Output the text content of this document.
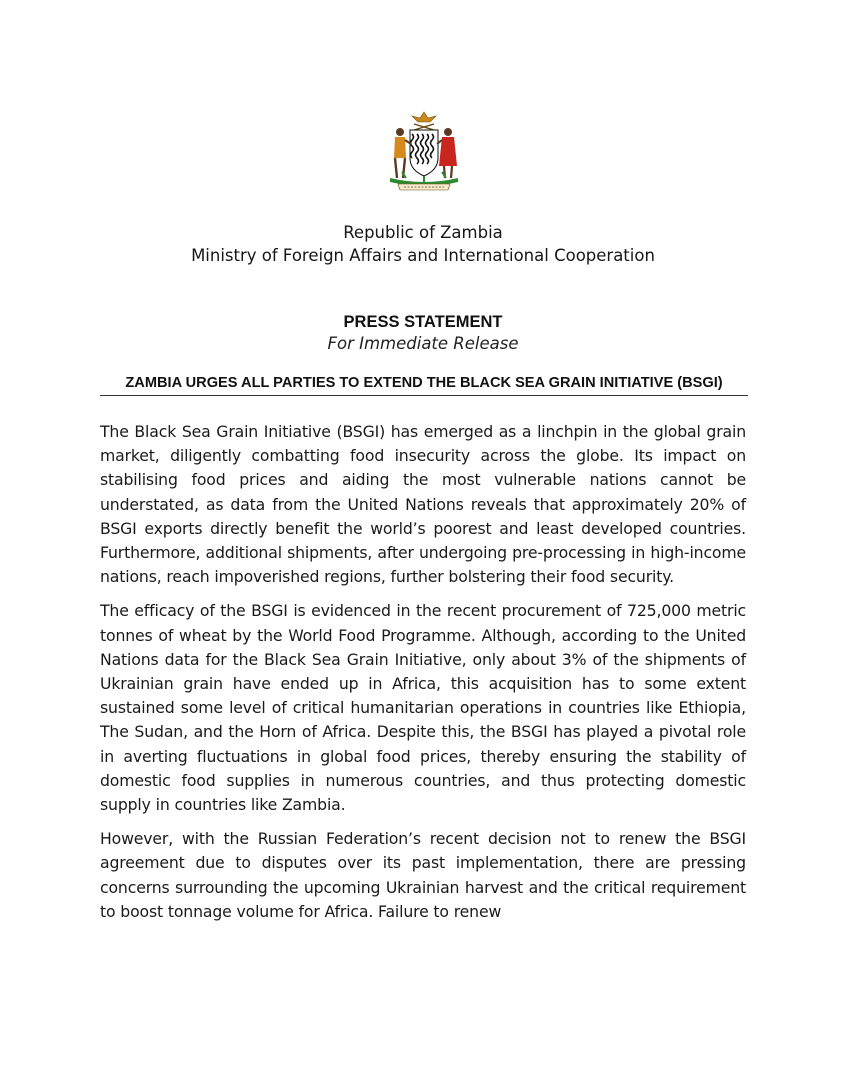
Republic of Zambia
Ministry of Foreign Affairs and International Cooperation
PRESS STATEMENT
For Immediate Release
ZAMBIA URGES ALL PARTIES TO EXTEND THE BLACK SEA GRAIN INITIATIVE (BSGI)

The Black Sea Grain Initiative (BSGI) has emerged as a linchpin in the global grain market, diligently combatting food insecurity across the globe. Its impact on stabilising food prices and aiding the most vulnerable nations cannot be understated, as data from the United Nations reveals that approximately 20% of BSGI exports directly benefit the world’s poorest and least developed countries. Furthermore, additional shipments, after undergoing pre-processing in high-income nations, reach impoverished regions, further bolstering their food security.

The efficacy of the BSGI is evidenced in the recent procurement of 725,000 metric tonnes of wheat by the World Food Programme. Although, according to the United Nations data for the Black Sea Grain Initiative, only about 3% of the shipments of Ukrainian grain have ended up in Africa, this acquisition has to some extent sustained some level of critical humanitarian operations in countries like Ethiopia, The Sudan, and the Horn of Africa. Despite this, the BSGI has played a pivotal role in averting fluctuations in global food prices, thereby ensuring the stability of domestic food supplies in numerous countries, and thus protecting domestic supply in countries like Zambia.

However, with the Russian Federation’s recent decision not to renew the BSGI agreement due to disputes over its past implementation, there are pressing concerns surrounding the upcoming Ukrainian harvest and the critical requirement to boost tonnage volume for Africa. Failure to renew
